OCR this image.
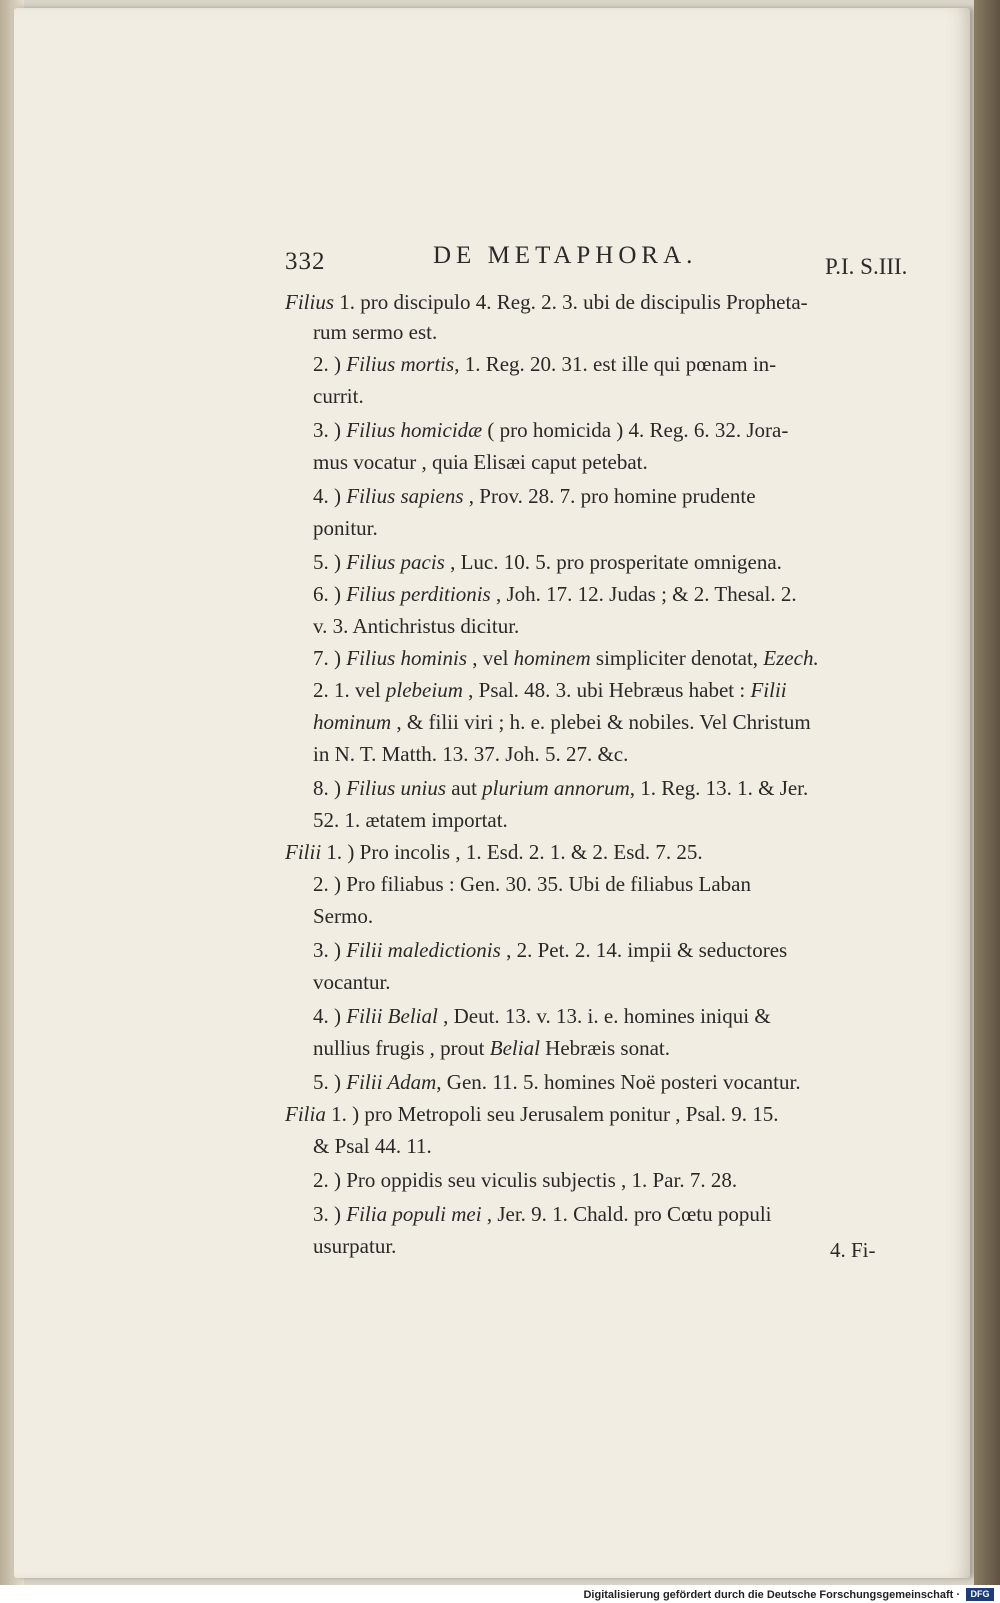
332	DE METAPHORA.	P.I. S.III.
Filius 1. pro discipulo 4. Reg. 2. 3. ubi de discipulis Propheta-
rum sermo est.
2. ) Filius mortis, 1. Reg. 20. 31. est ille qui pœnam in-
currit.
3. ) Filius homicidæ ( pro homicida ) 4. Reg. 6. 32. Jora-
mus vocatur , quia Elisæi caput petebat.
4. ) Filius sapiens , Prov. 28. 7. pro homine prudente
ponitur.
5. ) Filius pacis , Luc. 10. 5. pro prosperitate omnigena.
6. ) Filius perditionis , Joh. 17. 12. Judas ; & 2. Thesal. 2.
v. 3. Antichristus dicitur.
7. ) Filius hominis , vel hominem simpliciter denotat, Ezech.
2. 1. vel plebeium , Psal. 48. 3. ubi Hebræus habet : Filii
hominum , & filii viri ; h. e. plebei & nobiles. Vel Christum
in N. T. Matth. 13. 37. Joh. 5. 27. &c.
8. ) Filius unius aut plurium annorum, 1. Reg. 13. 1. & Jer.
52. 1. ætatem importat.
Filii 1. ) Pro incolis , 1. Esd. 2. 1. & 2. Esd. 7. 25.
2. ) Pro filiabus : Gen. 30. 35. Ubi de filiabus Laban
Sermo.
3. ) Filii maledictionis , 2. Pet. 2. 14. impii & seductores
vocantur.
4. ) Filii Belial , Deut. 13. v. 13. i. e. homines iniqui &
nullius frugis , prout Belial Hebræis sonat.
5. ) Filii Adam, Gen. 11. 5. homines Noë posteri vocantur.
Filia 1. ) pro Metropoli seu Jerusalem ponitur , Psal. 9. 15.
& Psal 44. 11.
2. ) Pro oppidis seu viculis subjectis , 1. Par. 7. 28.
3. ) Filia populi mei , Jer. 9. 1. Chald. pro Cœtu populi
usurpatur.	4. Fi-
Digitalisierung gefördert durch die Deutsche Forschungsgemeinschaft ·	DFG
